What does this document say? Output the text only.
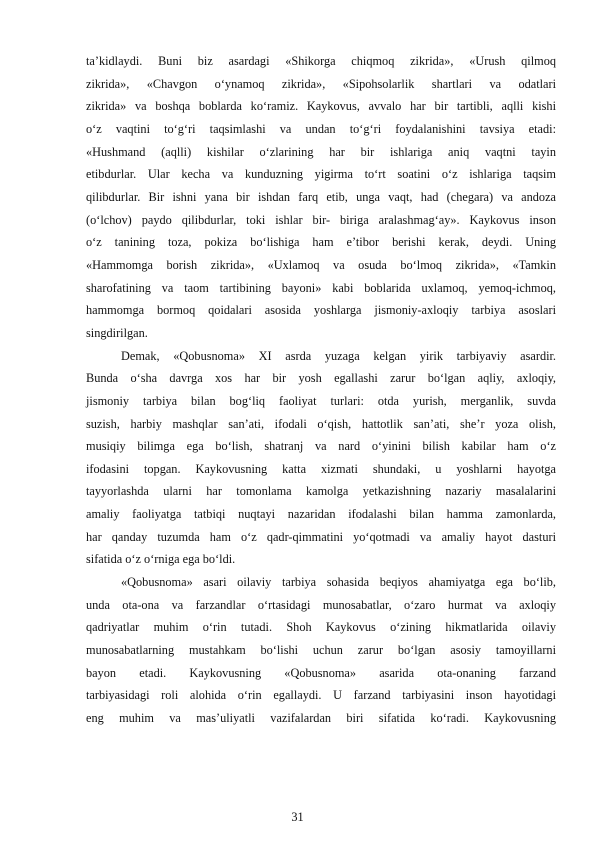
ta’kidlaydi. Buni biz asardagi «Shikorga chiqmoq zikrida», «Urush qilmoq
zikrida», «Chavgon o‘ynamoq zikrida», «Sipohsolarlik shartlari va odatlari
zikrida» va boshqa boblarda ko‘ramiz. Kaykovus, avvalo har bir tartibli, aqlli kishi
o‘z vaqtini to‘g‘ri taqsimlashi va undan to‘g‘ri foydalanishini tavsiya etadi:
«Hushmand (aqlli) kishilar o‘zlarining har bir ishlariga aniq vaqtni tayin
etibdurlar. Ular kecha va kunduzning yigirma to‘rt soatini o‘z ishlariga taqsim
qilibdurlar. Bir ishni yana bir ishdan farq etib, unga vaqt, had (chegara) va andoza
(o‘lchov) paydo qilibdurlar, toki ishlar bir- biriga aralashmag‘ay». Kaykovus inson
o‘z tanining toza, pokiza bo‘lishiga ham e’tibor berishi kerak, deydi. Uning
«Hammomga borish zikrida», «Uxlamoq va osuda bo‘lmoq zikrida», «Tamkin
sharofatining va taom tartibining bayoni» kabi boblarida uxlamoq, yemoq-ichmoq,
hammomga bormoq qoidalari asosida yoshlarga jismoniy-axloqiy tarbiya asoslari
singdirilgan.

Demak, «Qobusnoma» XI asrda yuzaga kelgan yirik tarbiyaviy asardir.
Bunda o‘sha davrga xos har bir yosh egallashi zarur bo‘lgan aqliy, axloqiy,
jismoniy tarbiya bilan bog‘liq faoliyat turlari: otda yurish, merganlik, suvda
suzish, harbiy mashqlar san’ati, ifodali o‘qish, hattotlik san’ati, she’r yoza olish,
musiqiy bilimga ega bo‘lish, shatranj va nard o‘yinini bilish kabilar ham o‘z
ifodasini topgan. Kaykovusning katta xizmati shundaki, u yoshlarni hayotga
tayyorlashda ularni har tomonlama kamolga yetkazishning nazariy masalalarini
amaliy faoliyatga tatbiqi nuqtayi nazaridan ifodalashi bilan hamma zamonlarda,
har qanday tuzumda ham o‘z qadr-qimmatini yo‘qotmadi va amaliy hayot dasturi
sifatida o‘z o‘rniga ega bo‘ldi.

«Qobusnoma» asari oilaviy tarbiya sohasida beqiyos ahamiyatga ega bo‘lib,
unda ota-ona va farzandlar o‘rtasidagi munosabatlar, o‘zaro hurmat va axloqiy
qadriyatlar muhim o‘rin tutadi. Shoh Kaykovus o‘zining hikmatlarida oilaviy
munosabatlarning mustahkam bo‘lishi uchun zarur bo‘lgan asosiy tamoyillarni
bayon etadi. Kaykovusning «Qobusnoma» asarida ota-onaning farzand
tarbiyasidagi roli alohida o‘rin egallaydi. U farzand tarbiyasini inson hayotidagi
eng muhim va mas’uliyatli vazifalardan biri sifatida ko‘radi. Kaykovusning

31
